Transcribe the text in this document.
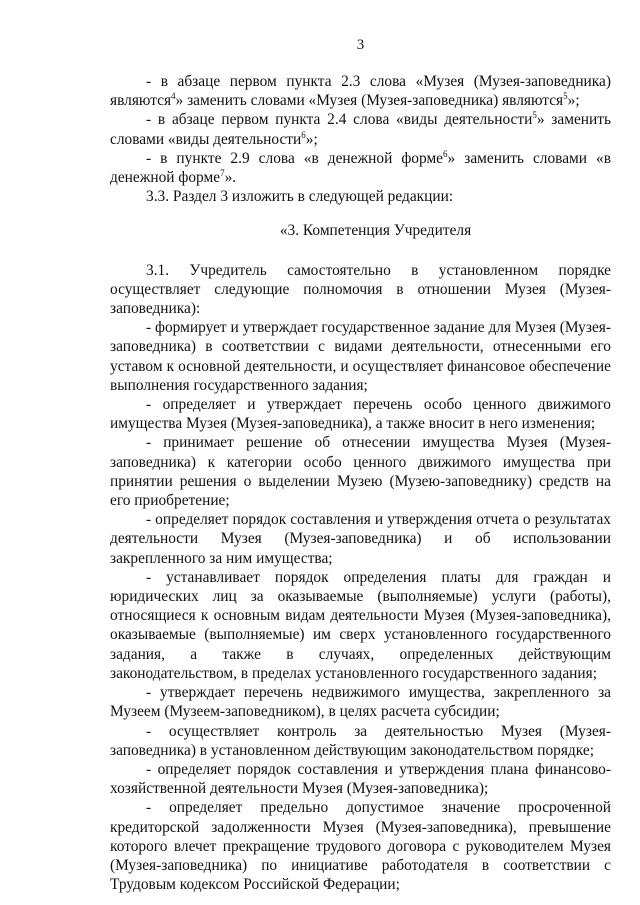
3

- в абзаце первом пункта 2.3 слова «Музея (Музея-заповедника) являются$^4$» заменить словами «Музея (Музея-заповедника) являются$^5$»;

- в абзаце первом пункта 2.4 слова «виды деятельности$^5$» заменить словами «виды деятельности$^6$»;

- в пункте 2.9 слова «в денежной форме$^6$» заменить словами «в денежной форме$^7$».

3.3. Раздел 3 изложить в следующей редакции:

«3. Компетенция Учредителя

3.1. Учредитель самостоятельно в установленном порядке осуществляет следующие полномочия в отношении Музея (Музея-заповедника):

- формирует и утверждает государственное задание для Музея (Музея-заповедника) в соответствии с видами деятельности, отнесенными его уставом к основной деятельности, и осуществляет финансовое обеспечение выполнения государственного задания;

- определяет и утверждает перечень особо ценного движимого имущества Музея (Музея-заповедника), а также вносит в него изменения;

- принимает решение об отнесении имущества Музея (Музея-заповедника) к категории особо ценного движимого имущества при принятии решения о выделении Музею (Музею-заповеднику) средств на его приобретение;

- определяет порядок составления и утверждения отчета о результатах деятельности Музея (Музея-заповедника) и об использовании закрепленного за ним имущества;

- устанавливает порядок определения платы для граждан и юридических лиц за оказываемые (выполняемые) услуги (работы), относящиеся к основным видам деятельности Музея (Музея-заповедника), оказываемые (выполняемые) им сверх установленного государственного задания, а также в случаях, определенных действующим законодательством, в пределах установленного государственного задания;

- утверждает перечень недвижимого имущества, закрепленного за Музеем (Музеем-заповедником), в целях расчета субсидии;

- осуществляет контроль за деятельностью Музея (Музея-заповедника) в установленном действующим законодательством порядке;

- определяет порядок составления и утверждения плана финансово-хозяйственной деятельности Музея (Музея-заповедника);

- определяет предельно допустимое значение просроченной кредиторской задолженности Музея (Музея-заповедника), превышение которого влечет прекращение трудового договора с руководителем Музея (Музея-заповедника) по инициативе работодателя в соответствии с Трудовым кодексом Российской Федерации;
